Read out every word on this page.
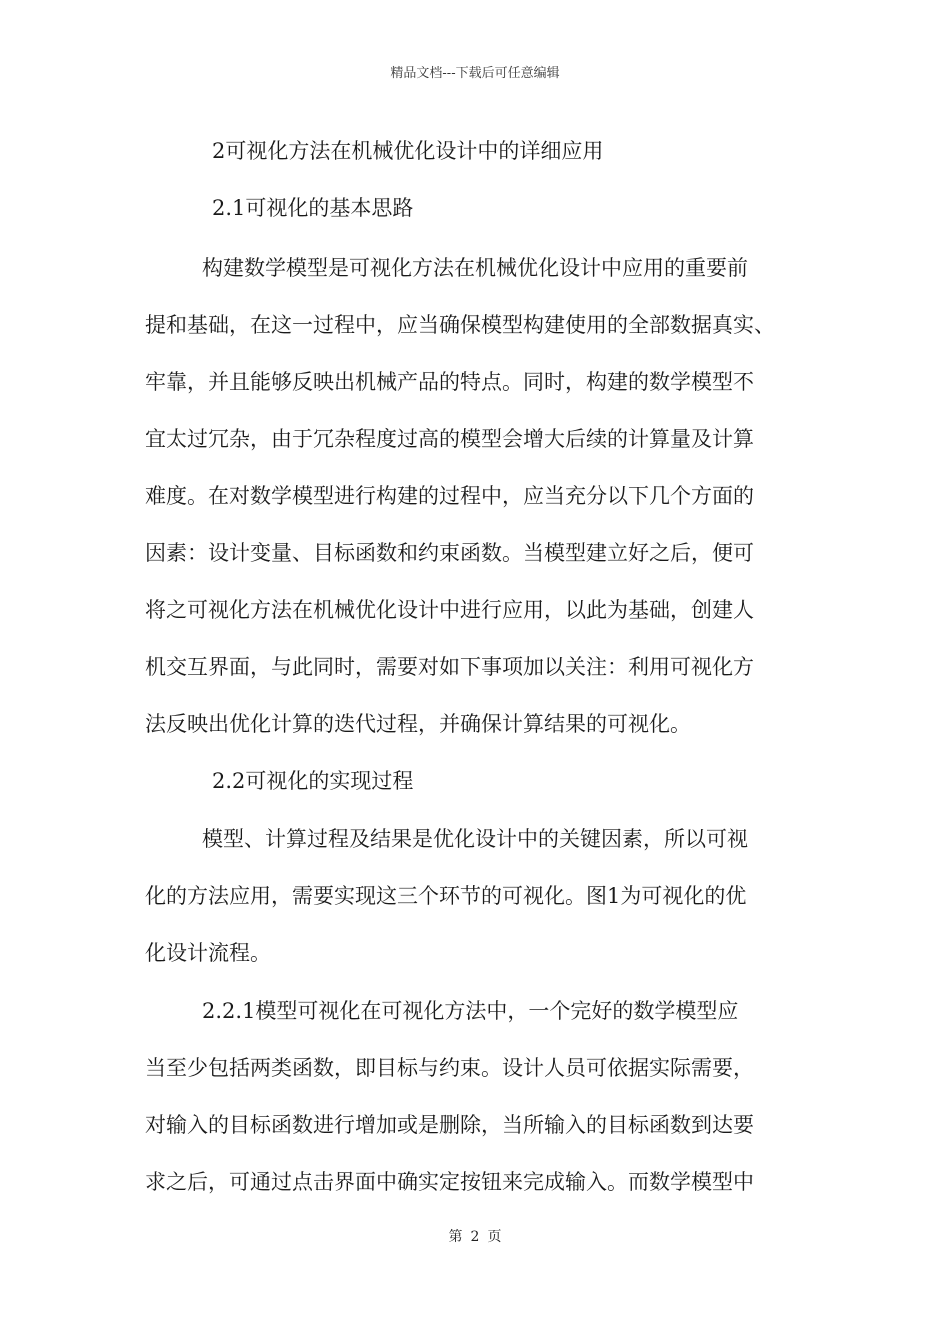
精品文档---下载后可任意编辑
2可视化方法在机械优化设计中的详细应用
2.1可视化的基本思路
构建数学模型是可视化方法在机械优化设计中应用的重要前
提和基础，在这一过程中，应当确保模型构建使用的全部数据真实、
牢靠，并且能够反映出机械产品的特点。同时，构建的数学模型不
宜太过冗杂，由于冗杂程度过高的模型会增大后续的计算量及计算
难度。在对数学模型进行构建的过程中，应当充分以下几个方面的
因素：设计变量、目标函数和约束函数。当模型建立好之后，便可
将之可视化方法在机械优化设计中进行应用，以此为基础，创建人
机交互界面，与此同时，需要对如下事项加以关注：利用可视化方
法反映出优化计算的迭代过程，并确保计算结果的可视化。
2.2可视化的实现过程
模型、计算过程及结果是优化设计中的关键因素，所以可视
化的方法应用，需要实现这三个环节的可视化。图1为可视化的优
化设计流程。
2.2.1模型可视化在可视化方法中，一个完好的数学模型应
当至少包括两类函数，即目标与约束。设计人员可依据实际需要，
对输入的目标函数进行增加或是删除，当所输入的目标函数到达要
求之后，可通过点击界面中确实定按钮来完成输入。而数学模型中
第 2 页
